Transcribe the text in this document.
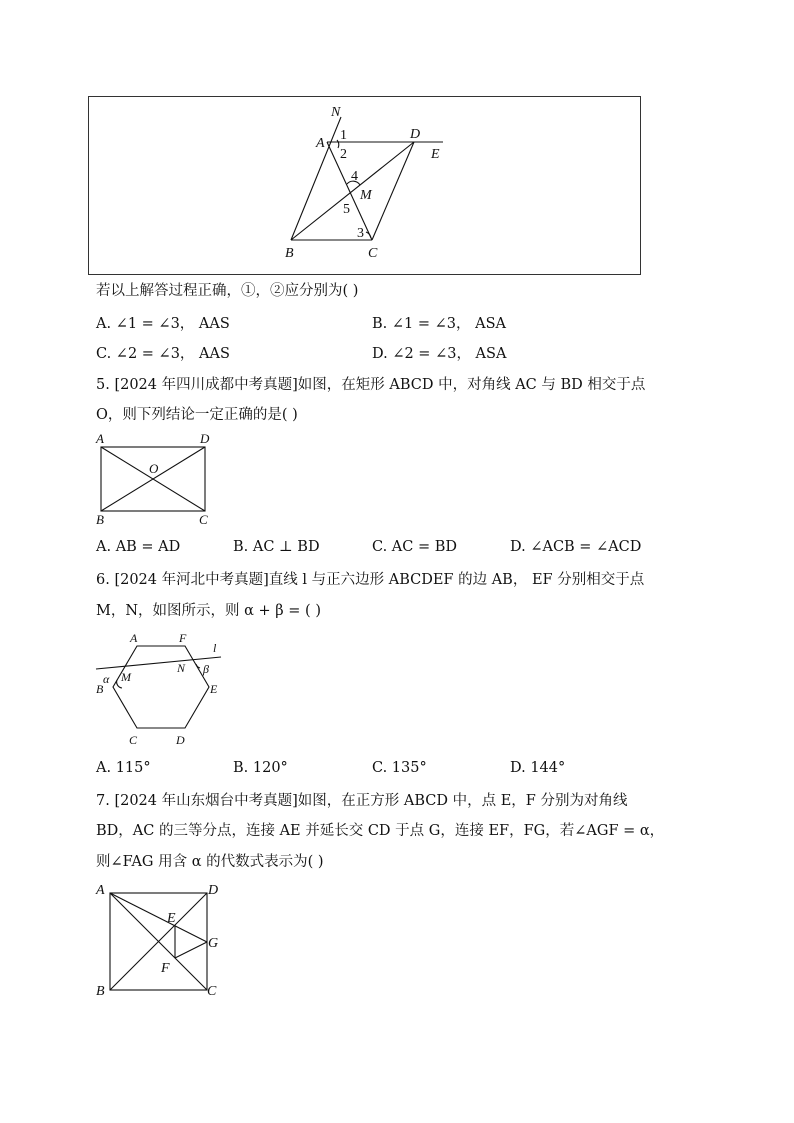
N
A
D
E
1
2
4
M
5
3
B	C
若以上解答过程正确，①，②应分别为( )
A. ∠1 = ∠3， AAS	B. ∠1 = ∠3， ASA
C. ∠2 = ∠3， AAS	D. ∠2 = ∠3， ASA
5. [2024 年四川成都中考真题]如图，在矩形 ABCD 中，对角线 AC 与 BD 相交于点
O，则下列结论一定正确的是( )
A	D
O
B	C
A. AB = AD	B. AC ⊥ BD	C. AC = BD	D. ∠ACB = ∠ACD
6. [2024 年河北中考真题]直线 l 与正六边形 ABCDEF 的边 AB， EF 分别相交于点
M，N，如图所示，则 α + β = ( )
A	F
l
N β
α M
B	E
C	D
A. 115°	B. 120°	C. 135°	D. 144°
7. [2024 年山东烟台中考真题]如图，在正方形 ABCD 中，点 E，F 分别为对角线
BD，AC 的三等分点，连接 AE 并延长交 CD 于点 G，连接 EF，FG，若∠AGF = α，
则∠FAG 用含 α 的代数式表示为( )
A	D
E
G
F
B	C
